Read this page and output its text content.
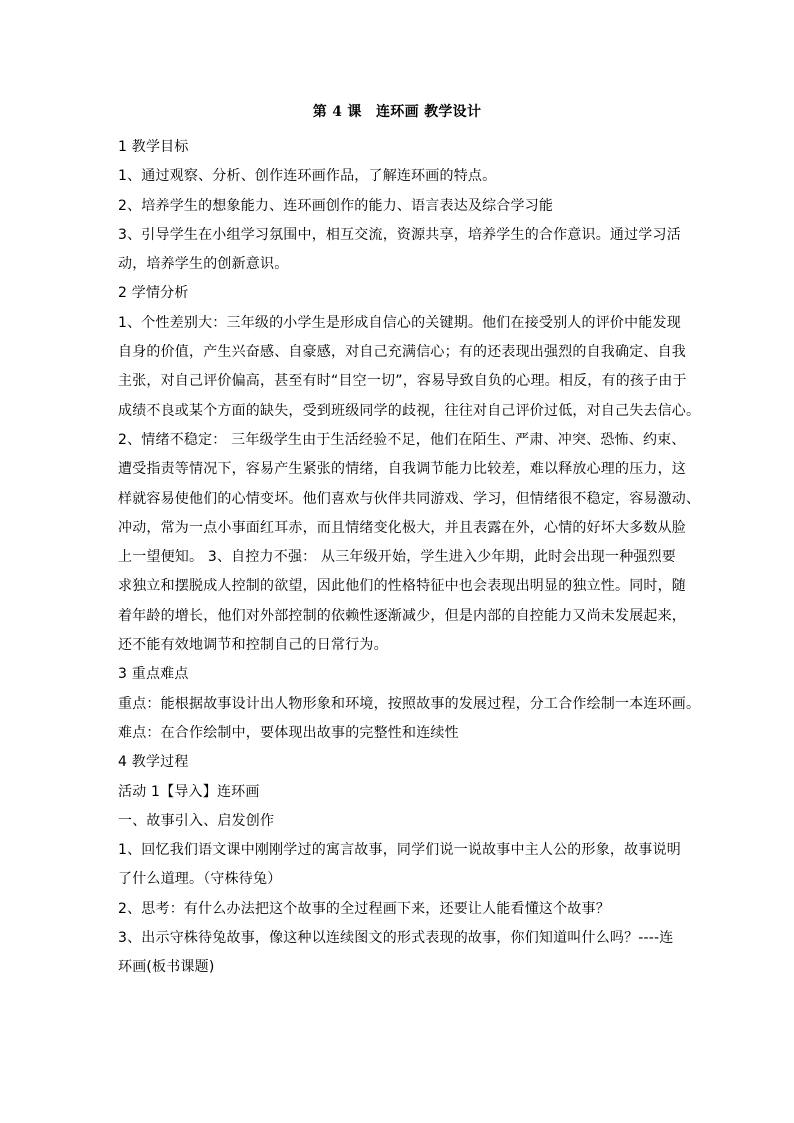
第 4 课　连环画 教学设计

1 教学目标

1、通过观察、分析、创作连环画作品，了解连环画的特点。

2、培养学生的想象能力、连环画创作的能力、语言表达及综合学习能

3、引导学生在小组学习氛围中，相互交流，资源共享，培养学生的合作意识。通过学习活

动，培养学生的创新意识。

2 学情分析

1、个性差别大：三年级的小学生是形成自信心的关键期。他们在接受别人的评价中能发现

自身的价值，产生兴奋感、自豪感，对自己充满信心；有的还表现出强烈的自我确定、自我

主张，对自己评价偏高，甚至有时“目空一切”，容易导致自负的心理。相反，有的孩子由于

成绩不良或某个方面的缺失，受到班级同学的歧视，往往对自己评价过低，对自己失去信心。

2、情绪不稳定： 三年级学生由于生活经验不足，他们在陌生、严肃、冲突、恐怖、约束、

遭受指责等情况下，容易产生紧张的情绪，自我调节能力比较差，难以释放心理的压力，这

样就容易使他们的心情变坏。他们喜欢与伙伴共同游戏、学习，但情绪很不稳定，容易激动、

冲动，常为一点小事面红耳赤，而且情绪变化极大，并且表露在外，心情的好坏大多数从脸

上一望便知。 3、自控力不强： 从三年级开始，学生进入少年期，此时会出现一种强烈要

求独立和摆脱成人控制的欲望，因此他们的性格特征中也会表现出明显的独立性。同时，随

着年龄的增长，他们对外部控制的依赖性逐渐减少，但是内部的自控能力又尚未发展起来，

还不能有效地调节和控制自己的日常行为。

3 重点难点

重点：能根据故事设计出人物形象和环境，按照故事的发展过程，分工合作绘制一本连环画。

难点：在合作绘制中，要体现出故事的完整性和连续性

4 教学过程

活动 1【导入】连环画

一、故事引入、启发创作

1、回忆我们语文课中刚刚学过的寓言故事，同学们说一说故事中主人公的形象，故事说明

了什么道理。（守株待兔）

2、思考：有什么办法把这个故事的全过程画下来，还要让人能看懂这个故事？

3、出示守株待兔故事，像这种以连续图文的形式表现的故事，你们知道叫什么吗？----连

环画(板书课题)
